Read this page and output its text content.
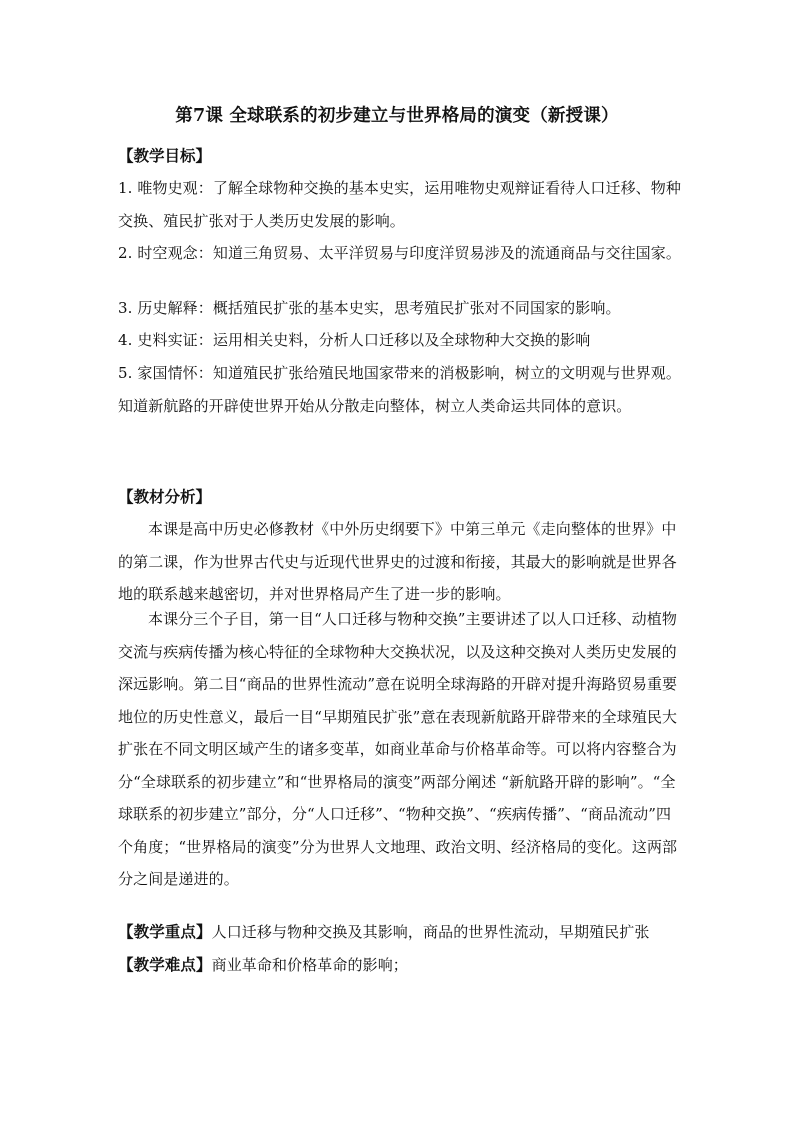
第7课 全球联系的初步建立与世界格局的演变（新授课）
【教学目标】
1. 唯物史观：了解全球物种交换的基本史实，运用唯物史观辩证看待人口迁移、物种交换、殖民扩张对于人类历史发展的影响。
2. 时空观念：知道三角贸易、太平洋贸易与印度洋贸易涉及的流通商品与交往国家。
3. 历史解释：概括殖民扩张的基本史实，思考殖民扩张对不同国家的影响。
4. 史料实证：运用相关史料，分析人口迁移以及全球物种大交换的影响
5. 家国情怀：知道殖民扩张给殖民地国家带来的消极影响，树立的文明观与世界观。知道新航路的开辟使世界开始从分散走向整体，树立人类命运共同体的意识。
【教材分析】
本课是高中历史必修教材《中外历史纲要下》中第三单元《走向整体的世界》中的第二课，作为世界古代史与近现代世界史的过渡和衔接，其最大的影响就是世界各地的联系越来越密切，并对世界格局产生了进一步的影响。
本课分三个子目，第一目“人口迁移与物种交换”主要讲述了以人口迁移、动植物交流与疾病传播为核心特征的全球物种大交换状况，以及这种交换对人类历史发展的深远影响。第二目“商品的世界性流动”意在说明全球海路的开辟对提升海路贸易重要地位的历史性意义，最后一目“早期殖民扩张”意在表现新航路开辟带来的全球殖民大扩张在不同文明区域产生的诸多变革，如商业革命与价格革命等。可以将内容整合为分“全球联系的初步建立”和“世界格局的演变”两部分阐述 “新航路开辟的影响”。“全球联系的初步建立”部分，分“人口迁移”、“物种交换”、“疾病传播”、“商品流动”四个角度；“世界格局的演变”分为世界人文地理、政治文明、经济格局的变化。这两部分之间是递进的。
【教学重点】人口迁移与物种交换及其影响，商品的世界性流动，早期殖民扩张
【教学难点】商业革命和价格革命的影响；
